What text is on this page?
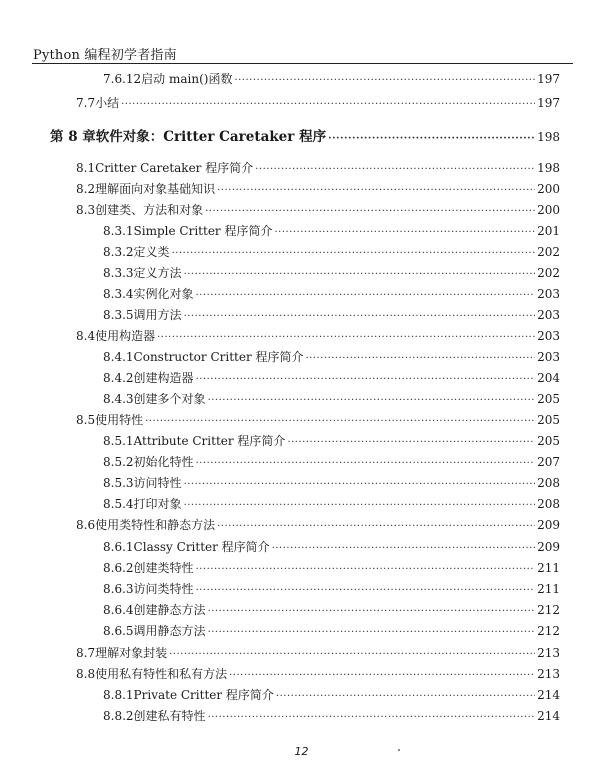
Python 编程初学者指南
7.6.12 启动 main()函数 ·····	197
7.7 小结 ·····	197
第 8 章 软件对象：Critter Caretaker 程序 ·····	198
8.1 Critter Caretaker 程序简介 ·····	198
8.2 理解面向对象基础知识 ·····	200
8.3 创建类、方法和对象 ·····	200
8.3.1 Simple Critter 程序简介 ·····	201
8.3.2 定义类 ·····	202
8.3.3 定义方法 ·····	202
8.3.4 实例化对象 ·····	203
8.3.5 调用方法 ·····	203
8.4 使用构造器 ·····	203
8.4.1 Constructor Critter 程序简介 ·····	203
8.4.2 创建构造器 ·····	204
8.4.3 创建多个对象 ·····	205
8.5 使用特性 ·····	205
8.5.1 Attribute Critter 程序简介 ·····	205
8.5.2 初始化特性 ·····	207
8.5.3 访问特性 ·····	208
8.5.4 打印对象 ·····	208
8.6 使用类特性和静态方法 ·····	209
8.6.1 Classy Critter 程序简介 ·····	209
8.6.2 创建类特性 ·····	211
8.6.3 访问类特性 ·····	211
8.6.4 创建静态方法 ·····	212
8.6.5 调用静态方法 ·····	212
8.7 理解对象封装 ·····	213
8.8 使用私有特性和私有方法 ·····	213
8.8.1 Private Critter 程序简介 ·····	214
8.8.2 创建私有特性 ·····	214
12
